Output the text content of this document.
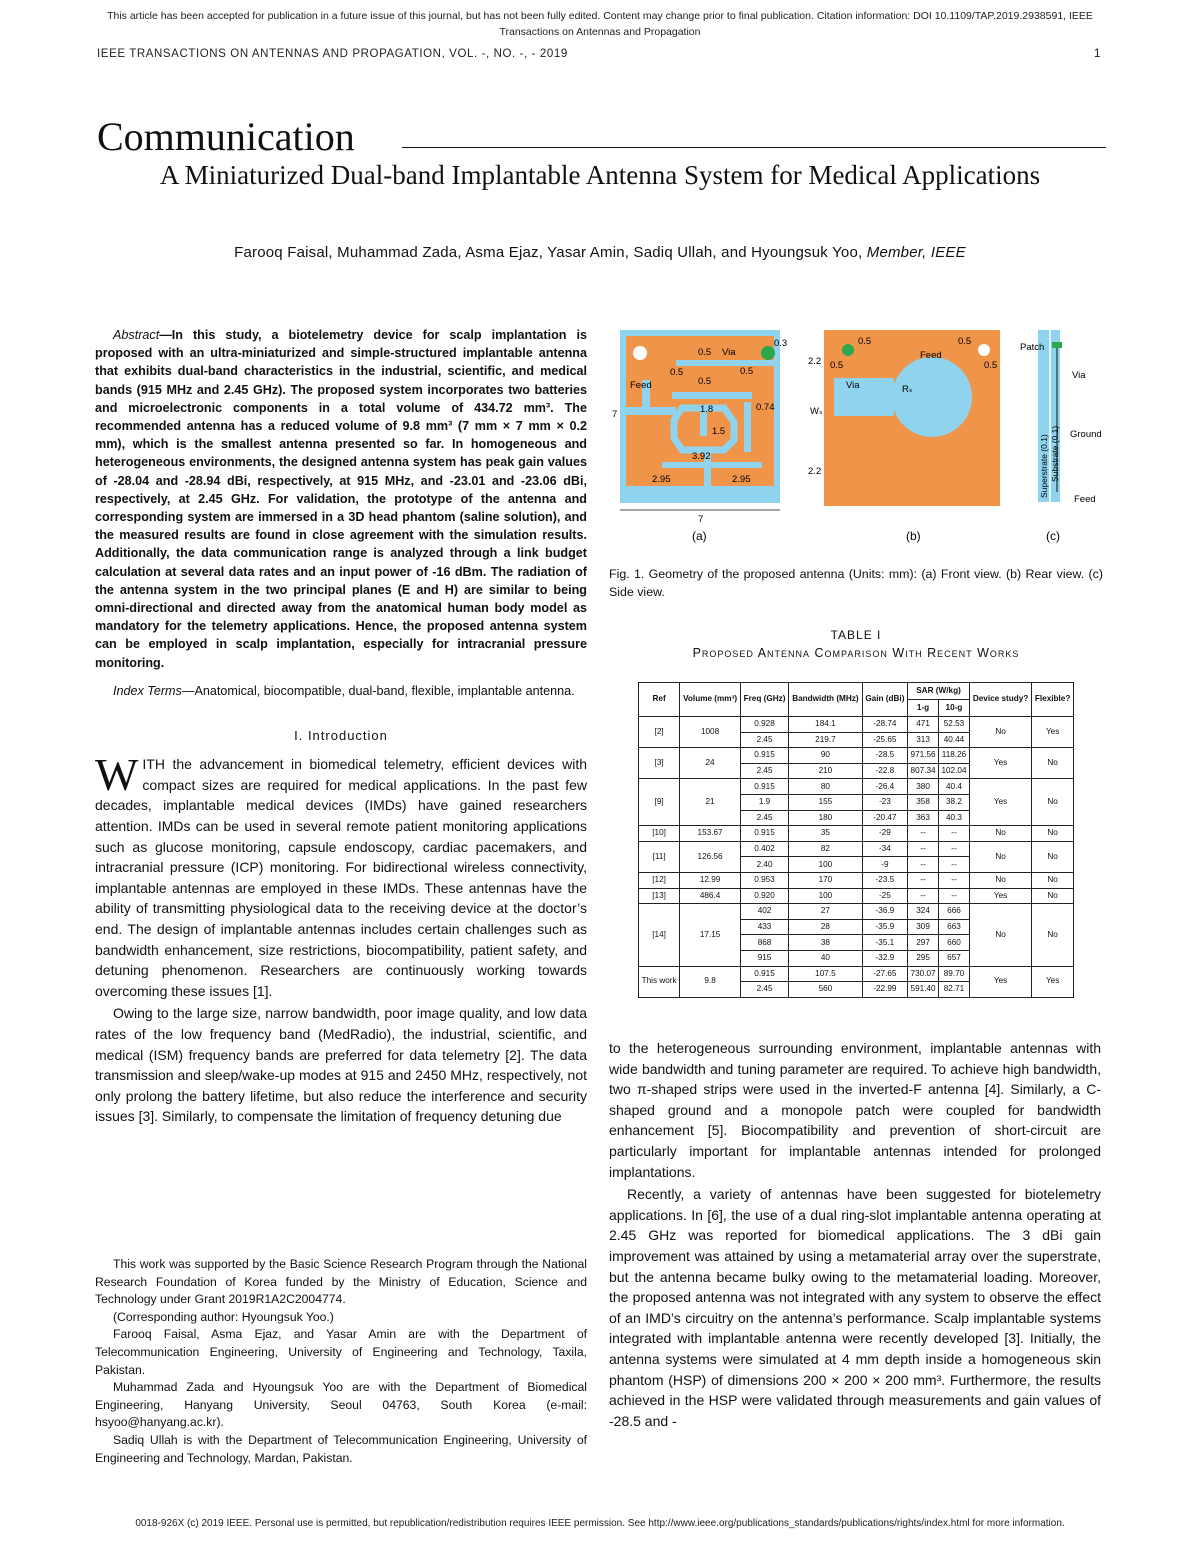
This article has been accepted for publication in a future issue of this journal, but has not been fully edited. Content may change prior to final publication. Citation information: DOI 10.1109/TAP.2019.2938591, IEEE
Transactions on Antennas and Propagation
IEEE TRANSACTIONS ON ANTENNAS AND PROPAGATION, VOL. -, NO. -, - 2019	1
Communication
A Miniaturized Dual-band Implantable Antenna System for Medical Applications
Farooq Faisal, Muhammad Zada, Asma Ejaz, Yasar Amin, Sadiq Ullah, and Hyoungsuk Yoo, Member, IEEE

Abstract—In this study, a biotelemetry device for scalp implantation is proposed with an ultra-miniaturized and simple-structured implantable antenna that exhibits dual-band characteristics in the industrial, scientific, and medical bands (915 MHz and 2.45 GHz). The proposed system incorporates two batteries and microelectronic components in a total volume of 434.72 mm³. The recommended antenna has a reduced volume of 9.8 mm³ (7 mm × 7 mm × 0.2 mm), which is the smallest antenna presented so far. In homogeneous and heterogeneous environments, the designed antenna system has peak gain values of -28.04 and -28.94 dBi, respectively, at 915 MHz, and -23.01 and -23.06 dBi, respectively, at 2.45 GHz. For validation, the prototype of the antenna and corresponding system are immersed in a 3D head phantom (saline solution), and the measured results are found in close agreement with the simulation results. Additionally, the data communication range is analyzed through a link budget calculation at several data rates and an input power of -16 dBm. The radiation of the antenna system in the two principal planes (E and H) are similar to being omni-directional and directed away from the anatomical human body model as mandatory for the telemetry applications. Hence, the proposed antenna system can be employed in scalp implantation, especially for intracranial pressure monitoring.

Index Terms—Anatomical, biocompatible, dual-band, flexible, implantable antenna.

I. Introduction

WITH the advancement in biomedical telemetry, efficient devices with compact sizes are required for medical applications. In the past few decades, implantable medical devices (IMDs) have gained researchers attention. IMDs can be used in several remote patient monitoring applications such as glucose monitoring, capsule endoscopy, cardiac pacemakers, and intracranial pressure (ICP) monitoring. For bidirectional wireless connectivity, implantable antennas are employed in these IMDs. These antennas have the ability of transmitting physiological data to the receiving device at the doctor’s end. The design of implantable antennas includes certain challenges such as bandwidth enhancement, size restrictions, biocompatibility, patient safety, and detuning phenomenon. Researchers are continuously working towards overcoming these issues [1].

Owing to the large size, narrow bandwidth, poor image quality, and low data rates of the low frequency band (MedRadio), the industrial, scientific, and medical (ISM) frequency bands are preferred for data telemetry [2]. The data transmission and sleep/wake-up modes at 915 and 2450 MHz, respectively, not only prolong the battery lifetime, but also reduce the interference and security issues [3]. Similarly, to compensate the limitation of frequency detuning due

This work was supported by the Basic Science Research Program through the National Research Foundation of Korea funded by the Ministry of Education, Science and Technology under Grant 2019R1A2C2004774.

(Corresponding author: Hyoungsuk Yoo.)

Farooq Faisal, Asma Ejaz, and Yasar Amin are with the Department of Telecommunication Engineering, University of Engineering and Technology, Taxila, Pakistan.

Muhammad Zada and Hyoungsuk Yoo are with the Department of Biomedical Engineering, Hanyang University, Seoul 04763, South Korea (e-mail: hsyoo@hanyang.ac.kr).

Sadiq Ullah is with the Department of Telecommunication Engineering, University of Engineering and Technology, Mardan, Pakistan.

0.3
0.5 Via
0.5	0.5
0.5
Feed
1.8	0.74
1.5
7
3.92
2.95	2.95
7
(a)
0.5	0.5
2.2 0.5
Feed
0.5
Via	Rₛ
Wₛ
2.2
(b)
Patch
Via
Ground
Feed
Superstrate (0.1) Substrate (0.1)
(c)
Fig. 1. Geometry of the proposed antenna (Units: mm): (a) Front view. (b) Rear view. (c) Side view.
TABLE I
Proposed Antenna Comparison With Recent Works
Ref	Volume (mm³)	Freq (GHz)	Bandwidth (MHz)	Gain (dBi)	SAR (W/kg)		Device study?	Flexible?
					1-g	10-g		
[2]	1008	0.928	184.1	-28.74	471	52.53	No	Yes
		2.45	219.7	-25.65	313	40.44		
[3]	24	0.915	90	-28.5	971.56	118.26	Yes	No
		2.45	210	-22.8	807.34	102.04		
[9]	21	0.915	80	-26.4	380	40.4	Yes	No
		1.9	155	-23	358	38.2		
		2.45	180	-20.47	363	40.3		
[10]	153.67	0.915	35	-29	--	--	No	No
[11]	126.56	0.402	82	-34	--	--	No	No
		2.40	100	-9	--	--		
[12]	12.99	0.953	170	-23.5	--	--	No	No
[13]	486.4	0.920	100	-25	--	--	Yes	No
[14]	17.15	402	27	-36.9	324	666	No	No
		433	28	-35.9	309	663		
		868	38	-35.1	297	660		
		915	40	-32.9	295	657		
This work	9.8	0.915	107.5	-27.65	730.07	89.70	Yes	Yes
		2.45	560	-22.99	591.40	82.71		

to the heterogeneous surrounding environment, implantable antennas with wide bandwidth and tuning parameter are required. To achieve high bandwidth, two π-shaped strips were used in the inverted-F antenna [4]. Similarly, a C-shaped ground and a monopole patch were coupled for bandwidth enhancement [5]. Biocompatibility and prevention of short-circuit are particularly important for implantable antennas intended for prolonged implantations.

Recently, a variety of antennas have been suggested for biotelemetry applications. In [6], the use of a dual ring-slot implantable antenna operating at 2.45 GHz was reported for biomedical applications. The 3 dBi gain improvement was attained by using a metamaterial array over the superstrate, but the antenna became bulky owing to the metamaterial loading. Moreover, the proposed antenna was not integrated with any system to observe the effect of an IMD’s circuitry on the antenna’s performance. Scalp implantable systems integrated with implantable antenna were recently developed [3]. Initially, the antenna systems were simulated at 4 mm depth inside a homogeneous skin phantom (HSP) of dimensions 200 × 200 × 200 mm³. Furthermore, the results achieved in the HSP were validated through measurements and gain values of -28.5 and -

0018-926X (c) 2019 IEEE. Personal use is permitted, but republication/redistribution requires IEEE permission. See http://www.ieee.org/publications_standards/publications/rights/index.html for more information.
